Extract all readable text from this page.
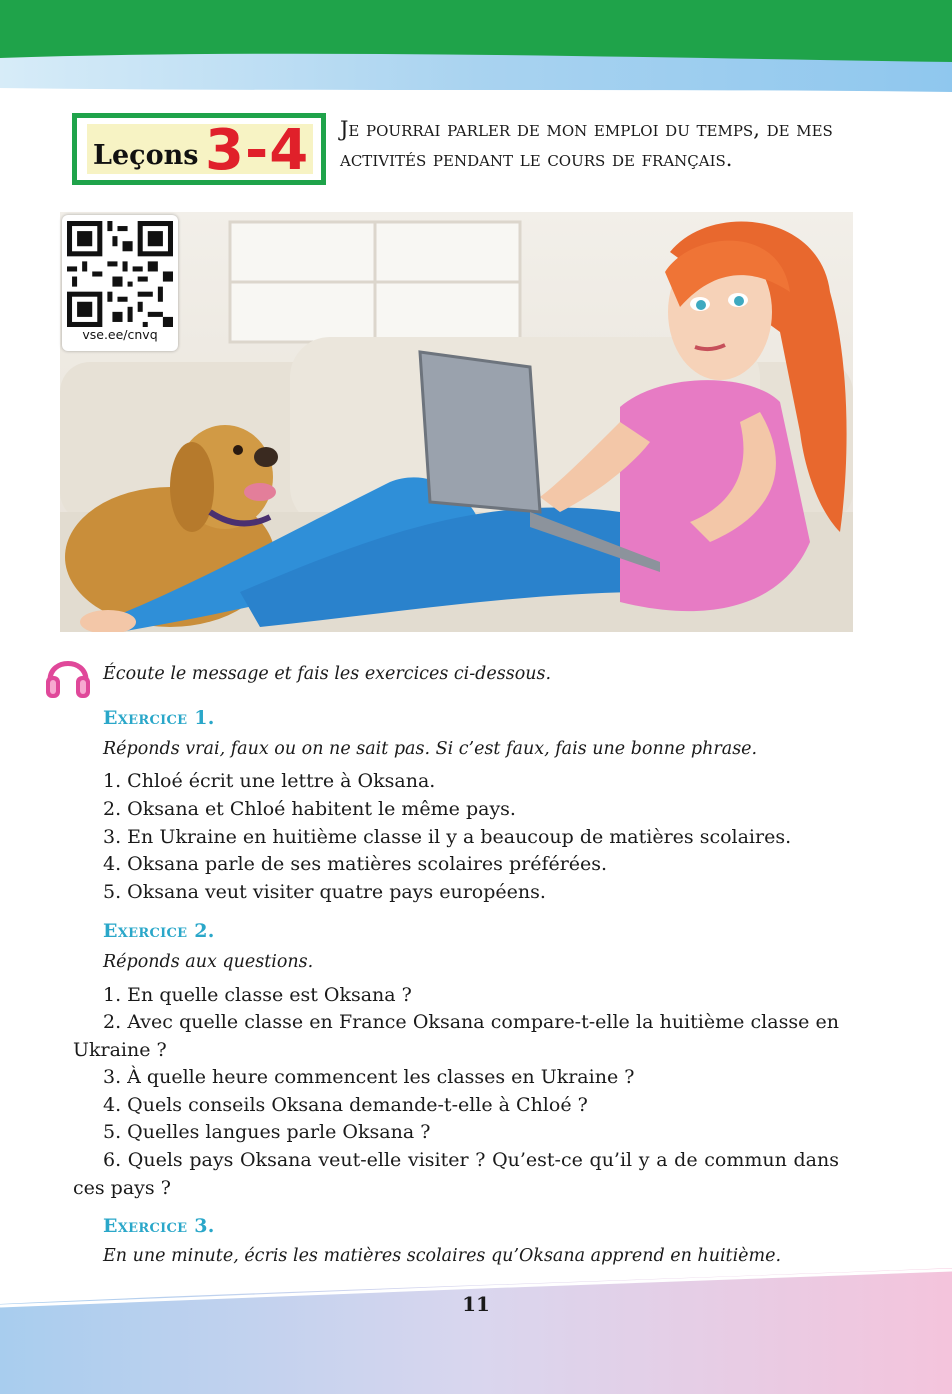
Leçons 3-4 Je pourrai parler de mon emploi du temps, de mes activités pendant le cours de français.
vse.ee/cnvq
Écoute le message et fais les exercices ci-dessous.
Exercice 1.
Réponds vrai, faux ou on ne sait pas. Si c’est faux, fais une bonne phrase.
1. Chloé écrit une lettre à Oksana.
2. Oksana et Chloé habitent le même pays.
3. En Ukraine en huitième classe il y a beaucoup de matières scolaires.
4. Oksana parle de ses matières scolaires préférées.
5. Oksana veut visiter quatre pays européens.
Exercice 2.
Réponds aux questions.
1. En quelle classe est Oksana ?
2. Avec quelle classe en France Oksana compare-t-elle la huitième classe en Ukraine ?
3. À quelle heure commencent les classes en Ukraine ?
4. Quels conseils Oksana demande-t-elle à Chloé ?
5. Quelles langues parle Oksana ?
6. Quels pays Oksana veut-elle visiter ? Qu’est-ce qu’il y a de commun dans ces pays ?
Exercice 3.
En une minute, écris les matières scolaires qu’Oksana apprend en huitième.
11
